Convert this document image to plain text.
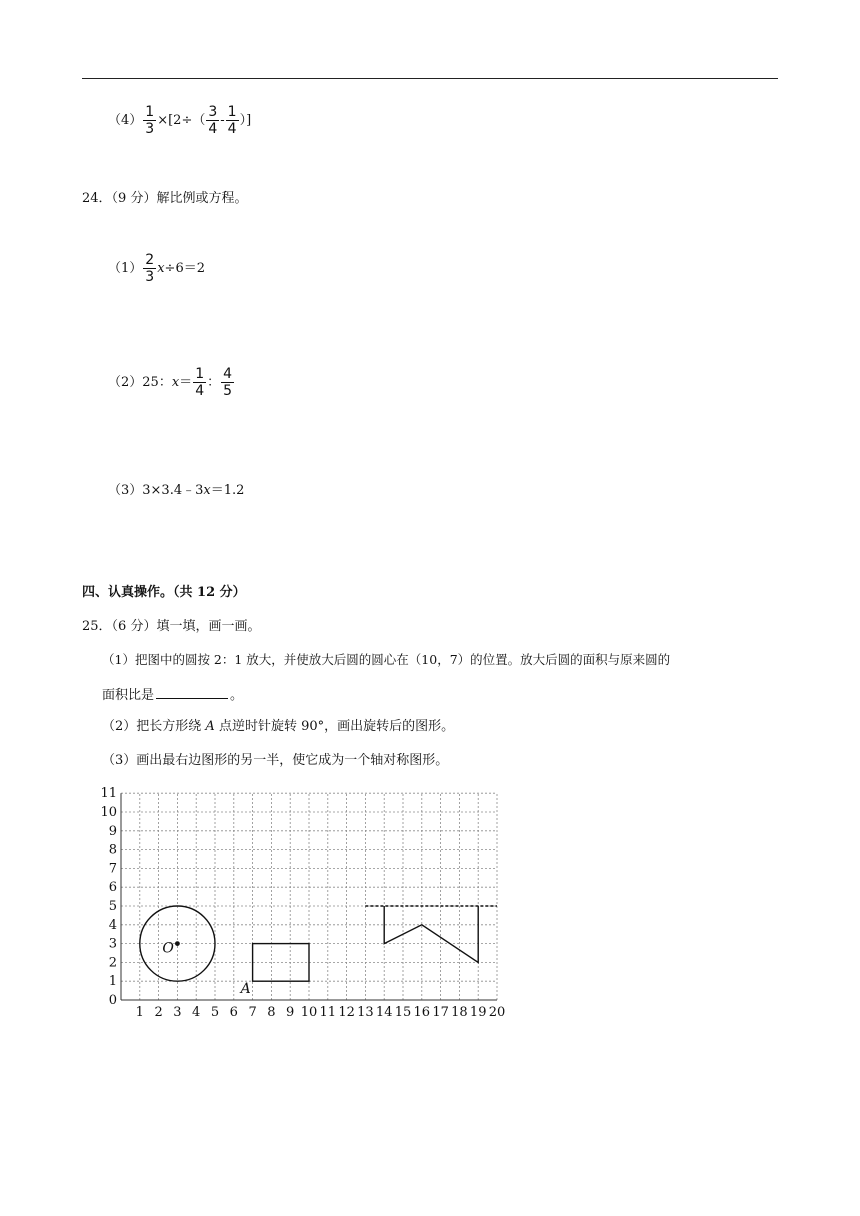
$(4) \frac{1}{3} \times[2\div( \frac{3}{4} - \frac{1}{4}$ ）]
24．（9 分）解比例或方程。
$(1) \frac{2}{3} x\div 6=2$
（2）25：$x= \frac{1}{4}$ ： $\frac{4}{5}$
（3）3×3.4﹣3x＝1.2
四、认真操作。（共 12 分）
25．（6 分）填一填，画一画。
（1）把图中的圆按 2：1 放大，并使放大后圆的圆心在（10，7）的位置。放大后圆的面积与原来圆的
面积比是	。
（2）把长方形绕 A 点逆时针旋转 90°，画出旋转后的图形。
（3）画出最右边图形的另一半，使它成为一个轴对称图形。
1 2 3 4 5 6 7 8 9 10 11 12 13 14 15 16 17 18 19 20
0
1
2
3
4
5
6
7
8
9
10
11
O
A
